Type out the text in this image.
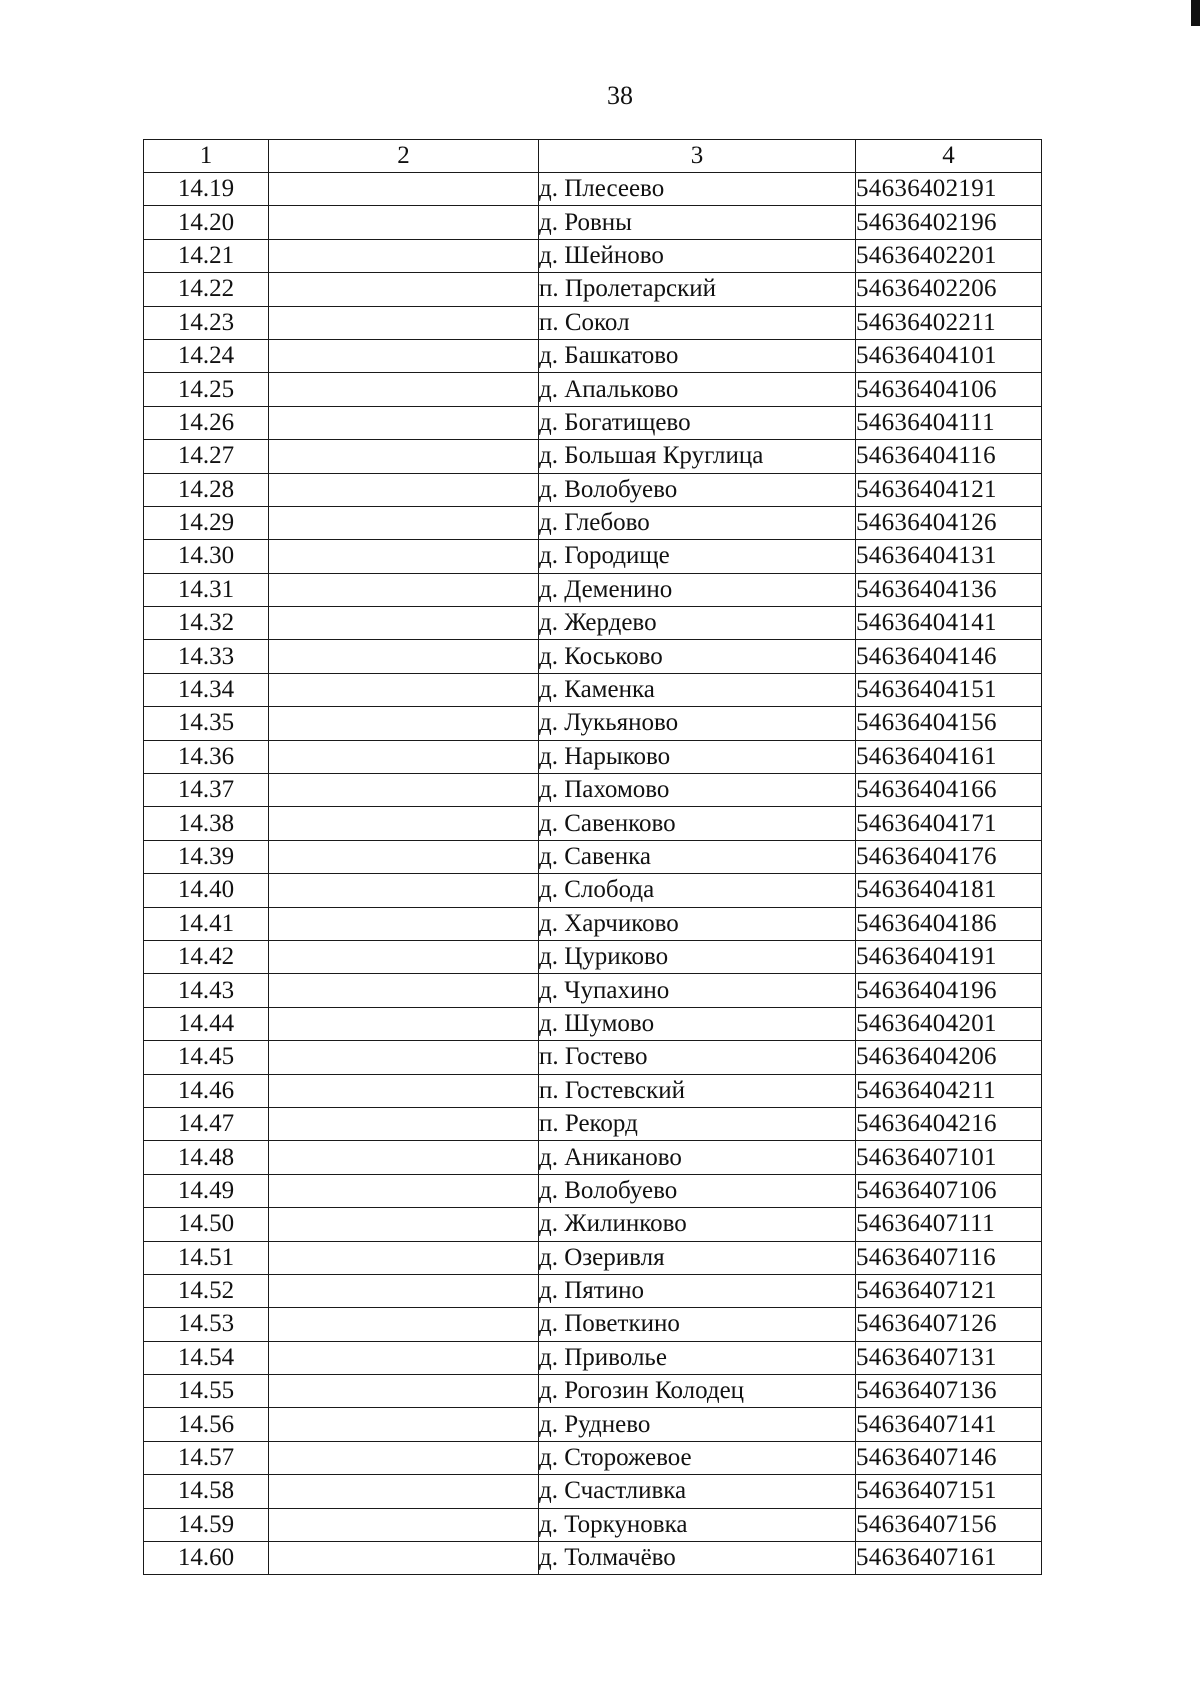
38
1	2	3	4
14.19		д. Плесеево	54636402191
14.20		д. Ровны	54636402196
14.21		д. Шейново	54636402201
14.22		п. Пролетарский	54636402206
14.23		п. Сокол	54636402211
14.24		д. Башкатово	54636404101
14.25		д. Апальково	54636404106
14.26		д. Богатищево	54636404111
14.27		д. Большая Круглица	54636404116
14.28		д. Волобуево	54636404121
14.29		д. Глебово	54636404126
14.30		д. Городище	54636404131
14.31		д. Деменино	54636404136
14.32		д. Жердево	54636404141
14.33		д. Коськово	54636404146
14.34		д. Каменка	54636404151
14.35		д. Лукьяново	54636404156
14.36		д. Нарыково	54636404161
14.37		д. Пахомово	54636404166
14.38		д. Савенково	54636404171
14.39		д. Савенка	54636404176
14.40		д. Слобода	54636404181
14.41		д. Харчиково	54636404186
14.42		д. Цуриково	54636404191
14.43		д. Чупахино	54636404196
14.44		д. Шумово	54636404201
14.45		п. Гостево	54636404206
14.46		п. Гостевский	54636404211
14.47		п. Рекорд	54636404216
14.48		д. Аниканово	54636407101
14.49		д. Волобуево	54636407106
14.50		д. Жилинково	54636407111
14.51		д. Озеривля	54636407116
14.52		д. Пятино	54636407121
14.53		д. Поветкино	54636407126
14.54		д. Приволье	54636407131
14.55		д. Рогозин Колодец	54636407136
14.56		д. Руднево	54636407141
14.57		д. Сторожевое	54636407146
14.58		д. Счастливка	54636407151
14.59		д. Торкуновка	54636407156
14.60		д. Толмачёво	54636407161
